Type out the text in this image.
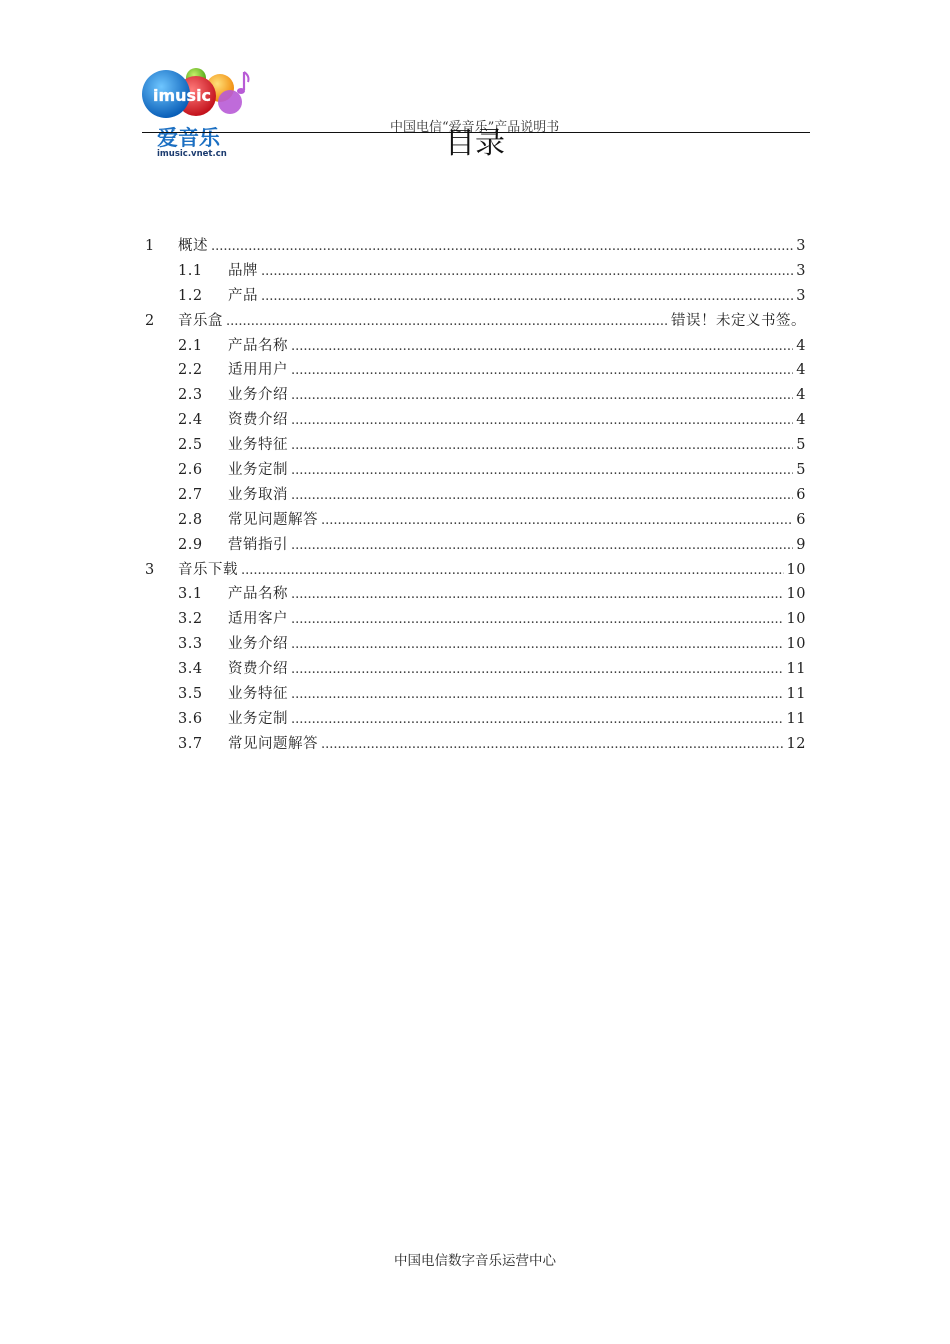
imusic
爱音乐
imusic.vnet.cn
中国电信“爱音乐”产品说明书
目录
1	概述 .....	3
1.1	品牌 .....	3
1.2	产品 .....	3
2	音乐盒 .....	错误！未定义书签。
2.1	产品名称 .....	4
2.2	适用用户 .....	4
2.3	业务介绍 .....	4
2.4	资费介绍 .....	4
2.5	业务特征 .....	5
2.6	业务定制 .....	5
2.7	业务取消 .....	6
2.8	常见问题解答 .....	6
2.9	营销指引 .....	9
3	音乐下载 .....	10
3.1	产品名称 .....	10
3.2	适用客户 .....	10
3.3	业务介绍 .....	10
3.4	资费介绍 .....	11
3.5	业务特征 .....	11
3.6	业务定制 .....	11
3.7	常见问题解答 .....	12
中国电信数字音乐运营中心
